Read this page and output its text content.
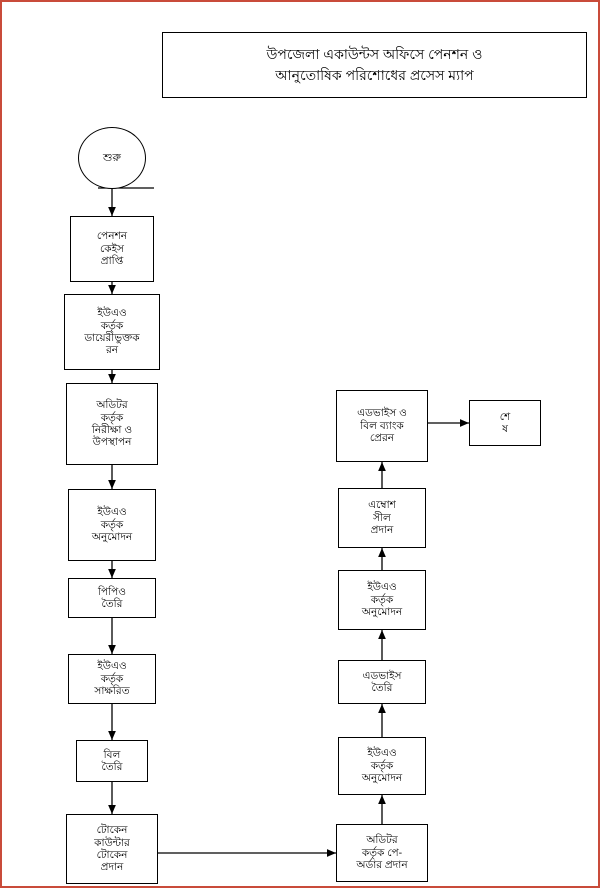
উপজেলা একাউন্টস অফিসে পেনশন ও
আনুতোষিক পরিশোধের প্রসেস ম্যাপ
শুরু
পেনশন
কেইস
প্রাপ্তি
ইউএও
কর্তৃক
ডায়েরীভুক্তক
রন
অডিটর
কর্তৃক
নিরীক্ষা ও
উপস্থাপন
ইউএও
কর্তৃক
অনুমোদন
পিপিও
তৈরি
ইউএও
কর্তৃক
সাক্ষরিত
বিল
তৈরি
টোকেন
কাউন্টার
টোকেন
প্রদান
অডিটর
কর্তৃক পে-
অর্ডার প্রদান
ইউএও
কর্তৃক
অনুমোদন
এডভাইস
তৈরি
ইউএও
কর্তৃক
অনুমোদন
এম্বোশ
সীল
প্রদান
এডভাইস ও
বিল ব্যাংক
প্রেরন
শে
ষ
